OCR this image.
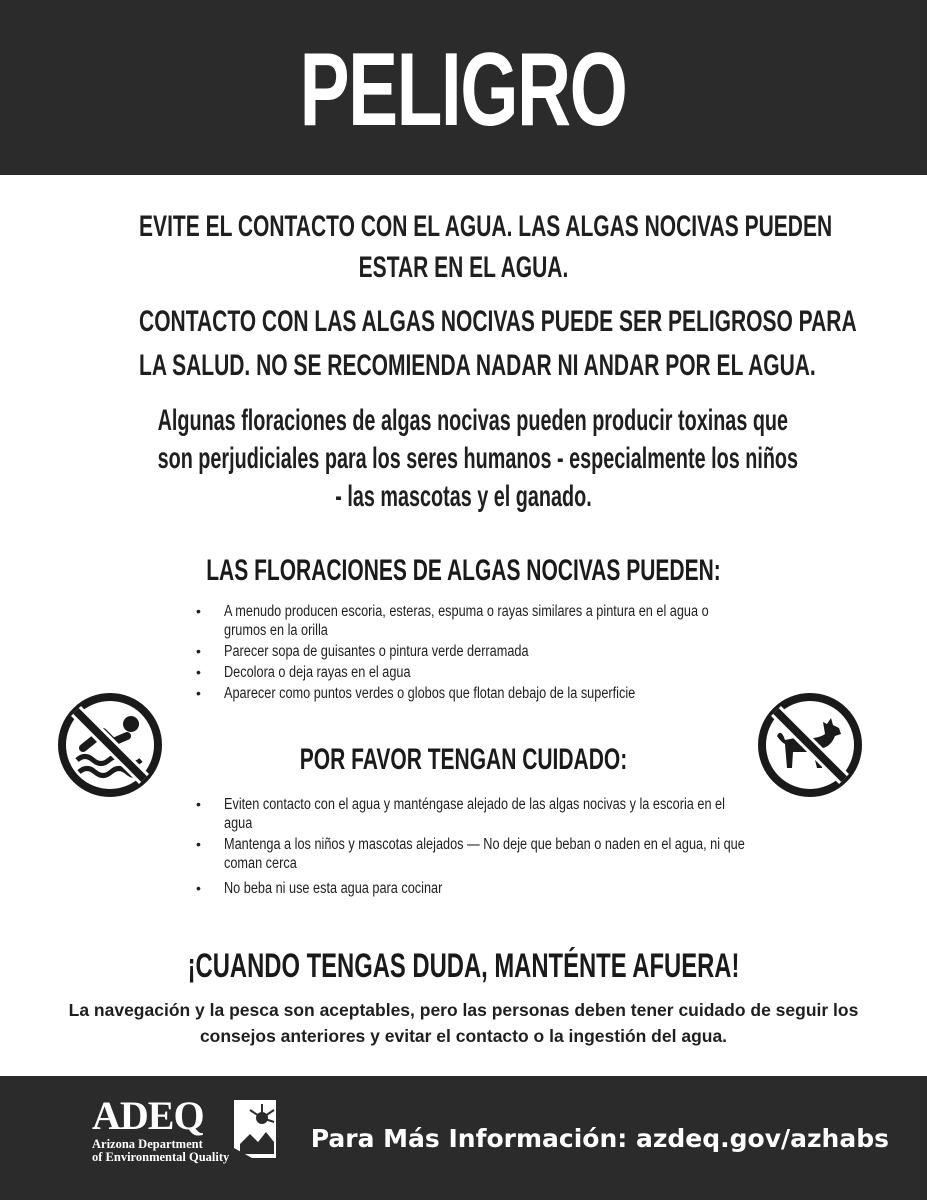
PELIGRO
EVITE EL CONTACTO CON EL AGUA. LAS ALGAS NOCIVAS PUEDEN
ESTAR EN EL AGUA.
CONTACTO CON LAS ALGAS NOCIVAS PUEDE SER PELIGROSO PARA
LA SALUD. NO SE RECOMIENDA NADAR NI ANDAR POR EL AGUA.
Algunas floraciones de algas nocivas pueden producir toxinas que
son perjudiciales para los seres humanos - especialmente los niños
- las mascotas y el ganado.
LAS FLORACIONES DE ALGAS NOCIVAS PUEDEN:
• A menudo producen escoria, esteras, espuma o rayas similares a pintura en el agua o grumos en la orilla
• Parecer sopa de guisantes o pintura verde derramada
• Decolora o deja rayas en el agua
• Aparecer como puntos verdes o globos que flotan debajo de la superficie
POR FAVOR TENGAN CUIDADO:
• Eviten contacto con el agua y manténgase alejado de las algas nocivas y la escoria en el agua
• Mantenga a los niños y mascotas alejados — No deje que beban o naden en el agua, ni que coman cerca
• No beba ni use esta agua para cocinar
¡CUANDO TENGAS DUDA, MANTÉNTE AFUERA!
La navegación y la pesca son aceptables, pero las personas deben tener cuidado de seguir los consejos anteriores y evitar el contacto o la ingestión del agua.
ADEQ
Arizona Department
of Environmental Quality
Para Más Información: azdeq.gov/azhabs
